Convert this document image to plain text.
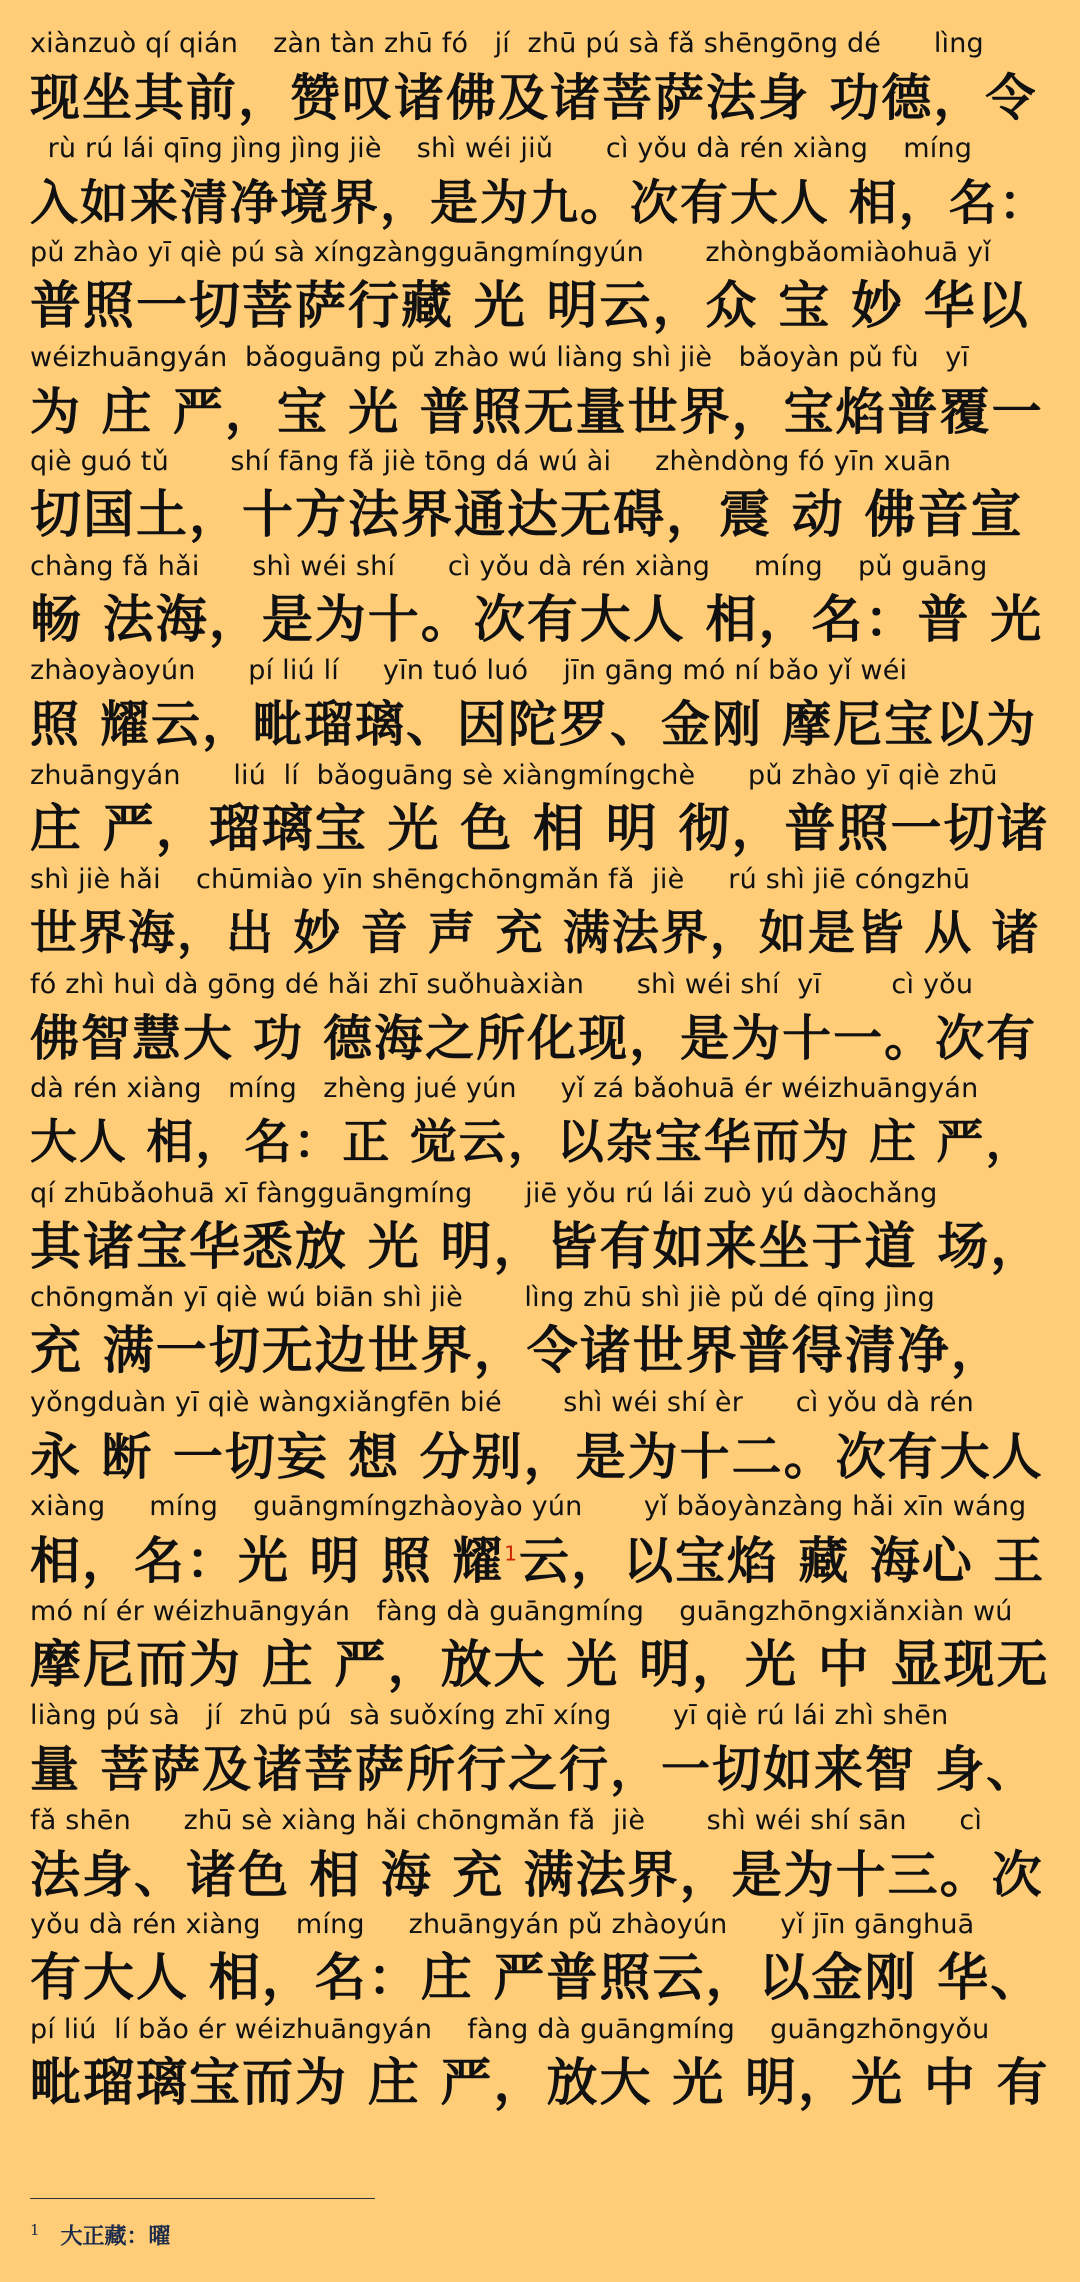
xiànzuò qí qián    zàn tàn zhū fó   jí  zhū pú sà fǎ shēngōng dé      lìng
现坐其前，赞叹诸佛及诸菩萨法身 功德，令
rù rú lái qīng jìng jìng jiè    shì wéi jiǔ      cì yǒu dà rén xiàng    míng
入如来清净境界，是为九。次有大人 相，名：
pǔ zhào yī qiè pú sà xíngzàngguāngmíngyún       zhòngbǎomiàohuā yǐ
普照一切菩萨行藏 光 明云，众 宝 妙 华以
wéizhuāngyán  bǎoguāng pǔ zhào wú liàng shì jiè   bǎoyàn pǔ fù   yī
为 庄 严，宝 光 普照无量世界，宝焰普覆一
qiè guó tǔ       shí fāng fǎ jiè tōng dá wú ài     zhèndòng fó yīn xuān
切国土，十方法界通达无碍，震 动 佛音宣
chàng fǎ hǎi      shì wéi shí      cì yǒu dà rén xiàng     míng    pǔ guāng
畅 法海，是为十。次有大人 相，名：普 光
zhàoyàoyún      pí liú lí     yīn tuó luó    jīn gāng mó ní bǎo yǐ wéi
照 耀云，毗瑠璃、因陀罗、金刚 摩尼宝以为
zhuāngyán      liú  lí  bǎoguāng sè xiàngmíngchè      pǔ zhào yī qiè zhū
庄 严，瑠璃宝 光 色 相 明 彻，普照一切诸
shì jiè hǎi    chūmiào yīn shēngchōngmǎn fǎ  jiè     rú shì jiē cóngzhū
世界海，出 妙 音 声 充 满法界，如是皆 从 诸
fó zhì huì dà gōng dé hǎi zhī suǒhuàxiàn      shì wéi shí  yī        cì yǒu
佛智慧大 功 德海之所化现，是为十一。次有
dà rén xiàng   míng   zhèng jué yún     yǐ zá bǎohuā ér wéizhuāngyán
大人 相，名：正 觉云，以杂宝华而为 庄 严，
qí zhūbǎohuā xī fàngguāngmíng      jiē yǒu rú lái zuò yú dàochǎng
其诸宝华悉放 光 明，皆有如来坐于道 场，
chōngmǎn yī qiè wú biān shì jiè       lìng zhū shì jiè pǔ dé qīng jìng
充 满一切无边世界，令诸世界普得清净，
yǒngduàn yī qiè wàngxiǎngfēn bié       shì wéi shí èr      cì yǒu dà rén
永 断 一切妄 想 分别，是为十二。次有大人
xiàng     míng    guāngmíngzhàoyào yún       yǐ bǎoyànzàng hǎi xīn wáng
相，名：光 明 照 耀$^1$云，以宝焰 藏 海心 王
mó ní ér wéizhuāngyán   fàng dà guāngmíng    guāngzhōngxiǎnxiàn wú
摩尼而为 庄 严，放大 光 明，光 中 显现无
liàng pú sà   jí  zhū pú  sà suǒxíng zhī xíng       yī qiè rú lái zhì shēn
量 菩萨及诸菩萨所行之行，一切如来智 身、
fǎ shēn      zhū sè xiàng hǎi chōngmǎn fǎ  jiè       shì wéi shí sān      cì
法身、诸色 相 海 充 满法界，是为十三。次
yǒu dà rén xiàng    míng     zhuāngyán pǔ zhàoyún      yǐ jīn gānghuā
有大人 相，名：庄 严普照云，以金刚 华、
pí liú  lí bǎo ér wéizhuāngyán    fàng dà guāngmíng    guāngzhōngyǒu
毗瑠璃宝而为 庄 严，放大 光 明，光 中 有
$^1$ 大正藏：曜
